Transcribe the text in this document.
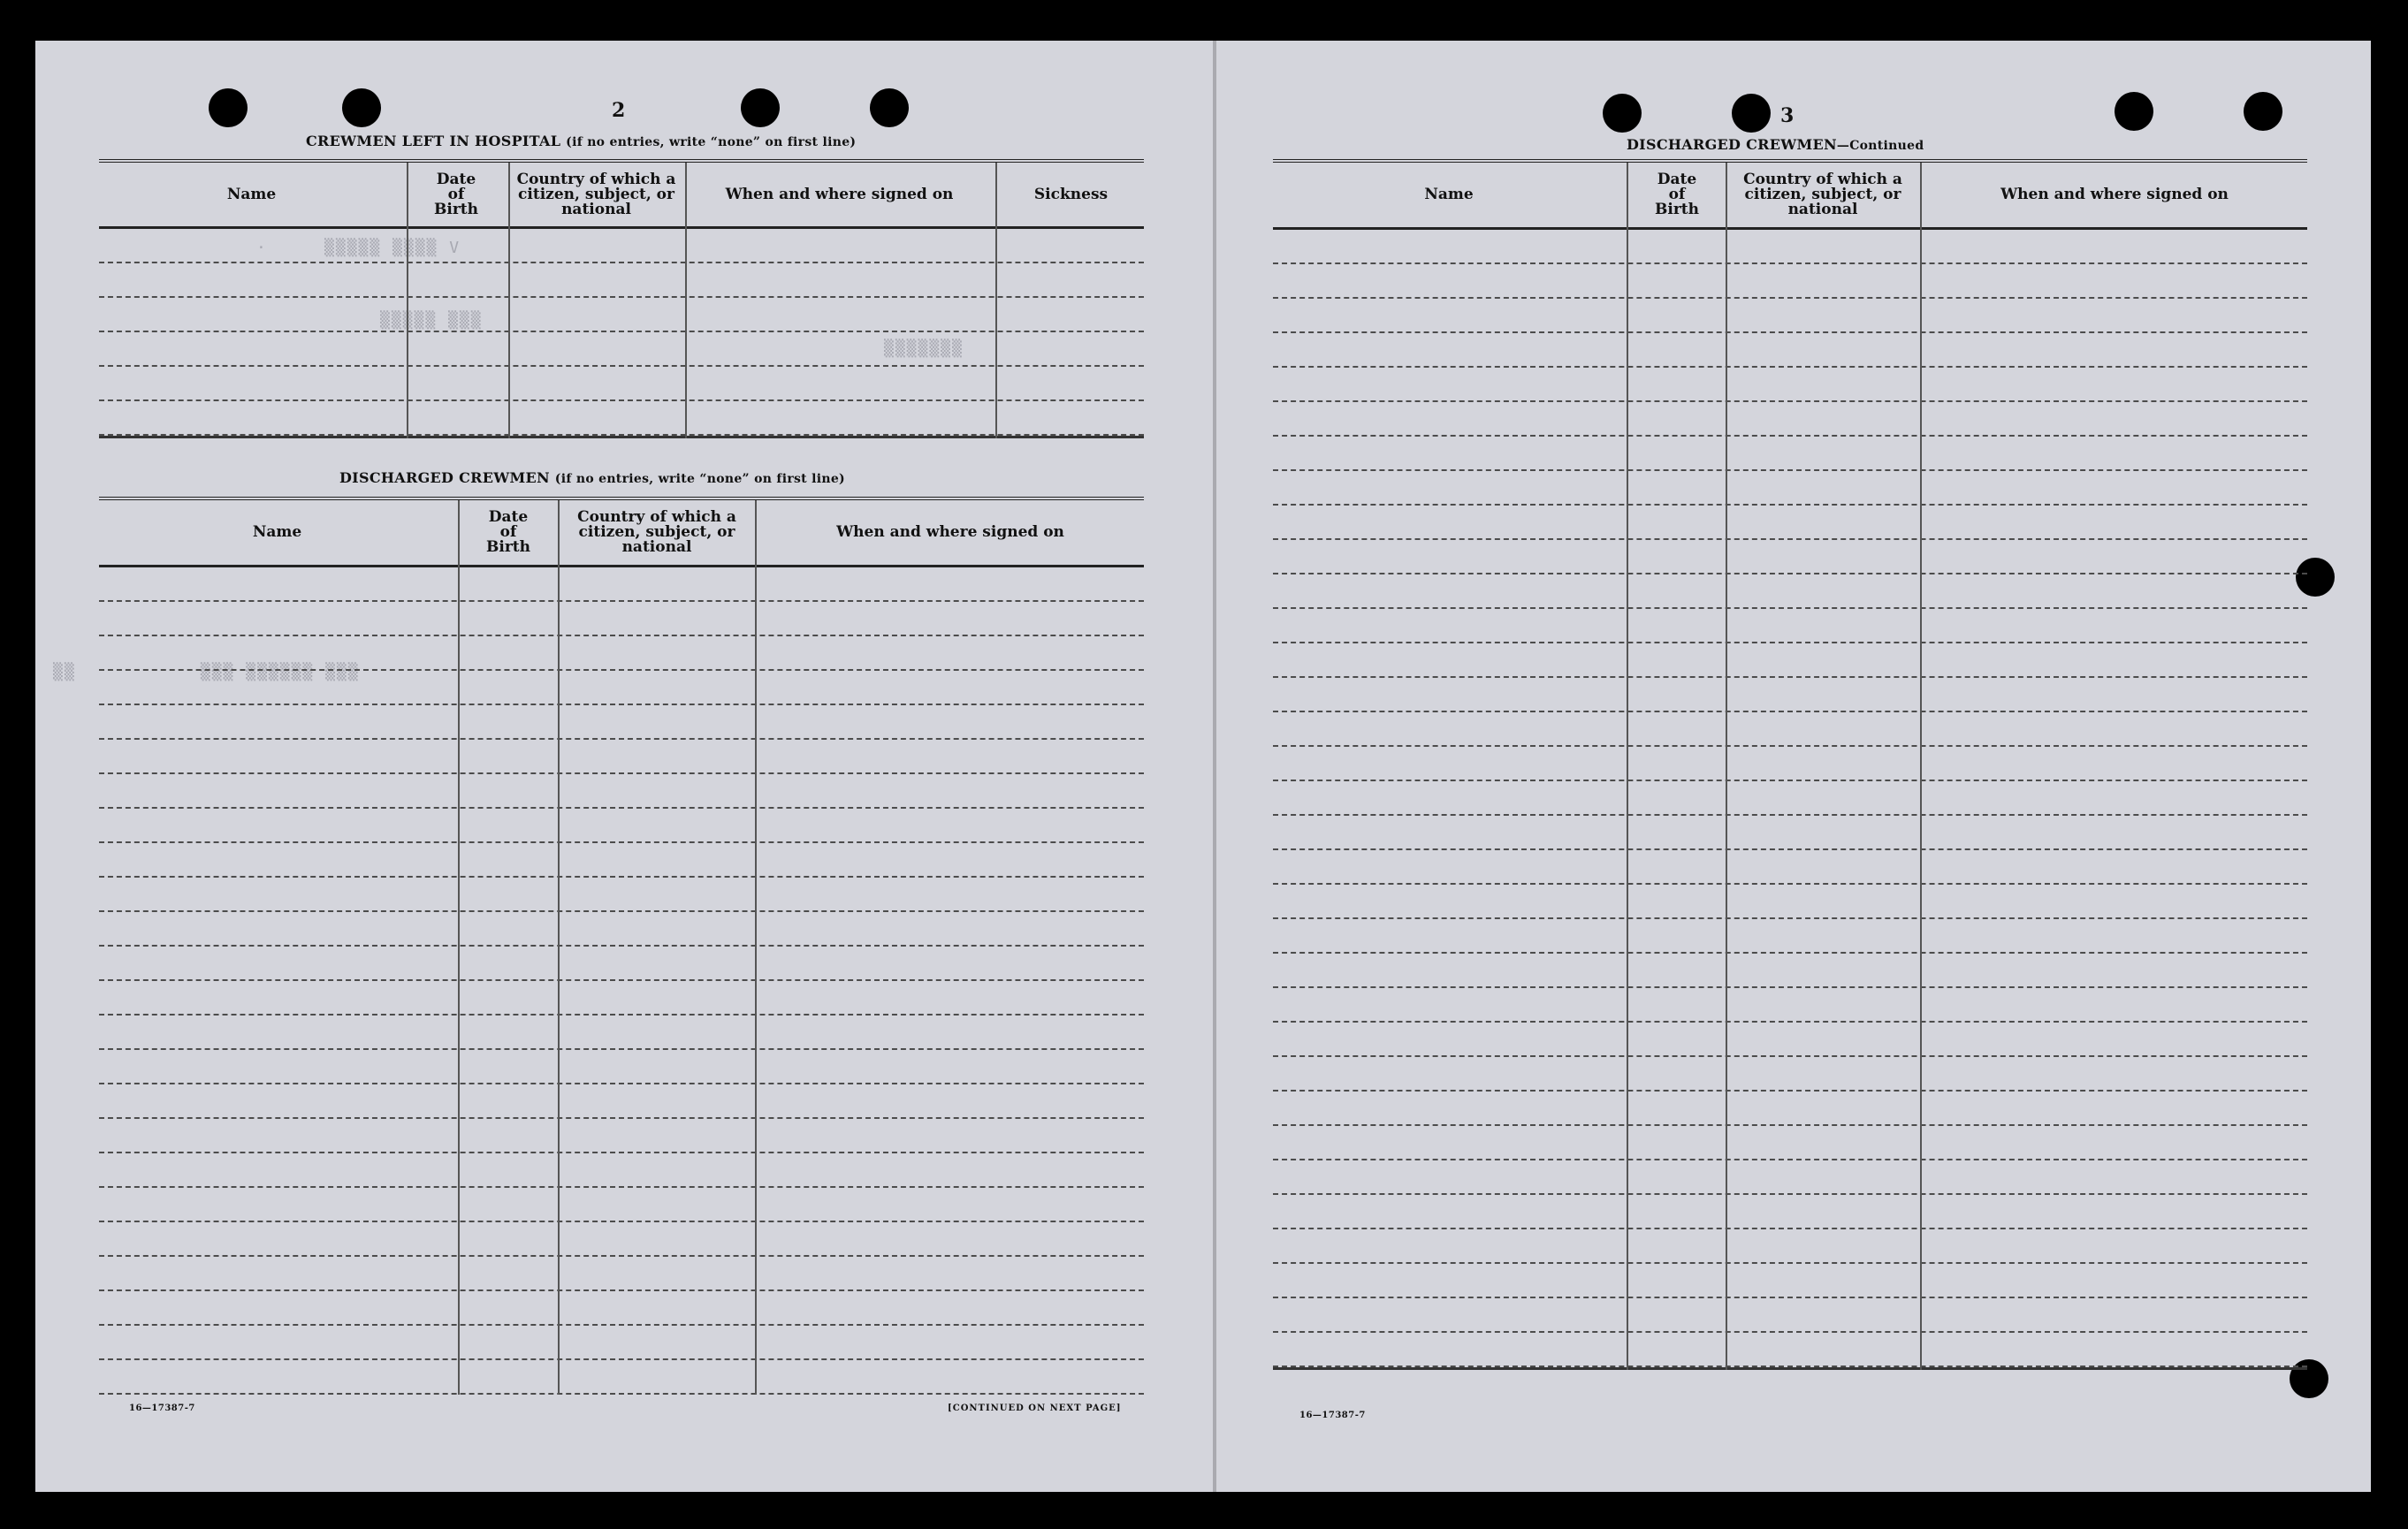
·     ▒▒▒▒▒ ▒▒▒▒ V
▒▒▒▒▒ ▒▒▒
▒▒▒▒▒▒▒
▒▒           ▒▒▒ ▒▒▒▒▒▒ ▒▒▒
2
CREWMEN LEFT IN HOSPITAL (if no entries, write “none” on first line)
Name
Date of Birth
Country of which a citizen, subject, or national
When and where signed on	Sickness
DISCHARGED CREWMEN (if no entries, write “none” on first line)
Name
Date of Birth
Country of which a citizen, subject, or national
When and where signed on
16—17387-7	[CONTINUED ON NEXT PAGE]
3
DISCHARGED CREWMEN—Continued
Name
Date of Birth
Country of which a citizen, subject, or national
When and where signed on
16—17387-7
